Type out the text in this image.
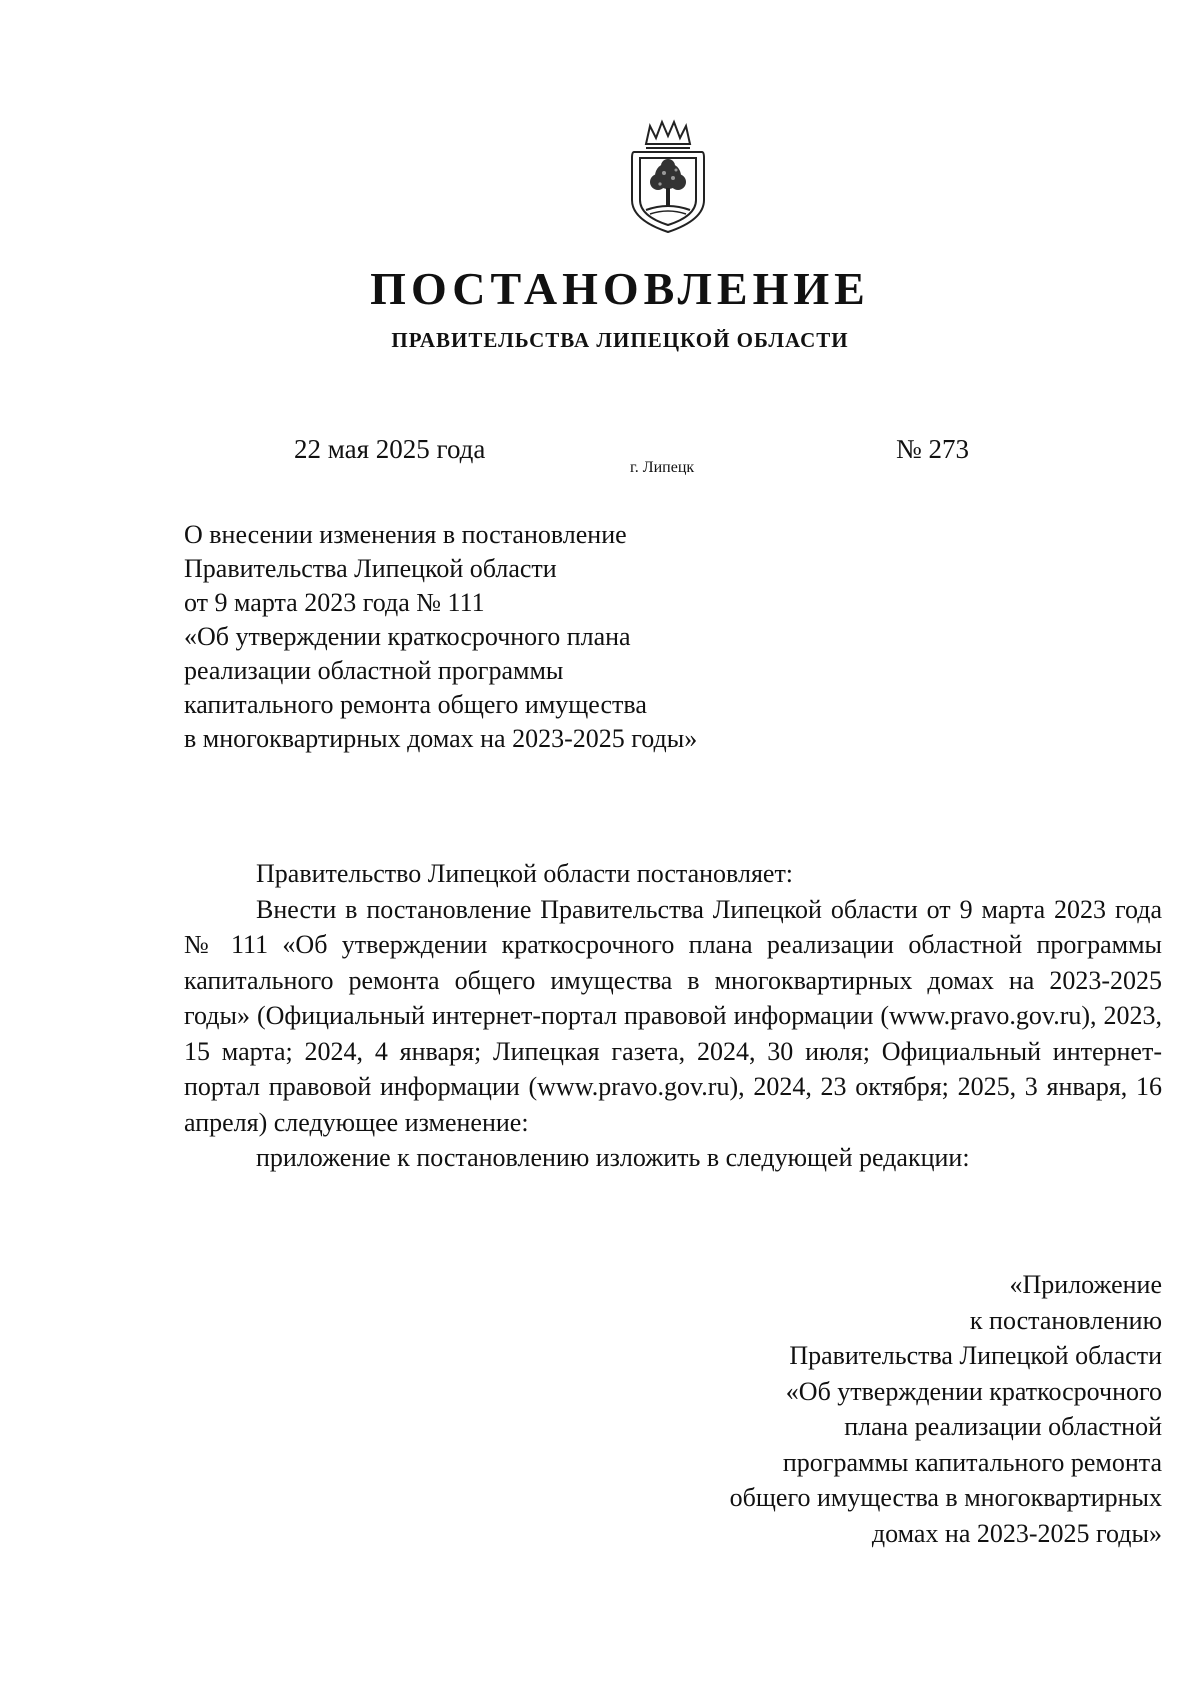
ПОСТАНОВЛЕНИЕ
ПРАВИТЕЛЬСТВА ЛИПЕЦКОЙ ОБЛАСТИ
22 мая 2025 года
г. Липецк
№ 273
О внесении изменения в постановление
Правительства Липецкой области
от 9 марта 2023 года № 111
«Об утверждении краткосрочного плана
реализации областной программы
капитального ремонта общего имущества
в многоквартирных домах на 2023-2025 годы»

Правительство Липецкой области постановляет:

Внести в постановление Правительства Липецкой области от 9 марта 2023 года № 111 «Об утверждении краткосрочного плана реализации областной программы капитального ремонта общего имущества в многоквартирных домах на 2023-2025 годы» (Официальный интернет-портал правовой информации (www.pravo.gov.ru), 2023, 15 марта; 2024, 4 января; Липецкая газета, 2024, 30 июля; Официальный интернет-портал правовой информации (www.pravo.gov.ru), 2024, 23 октября; 2025, 3 января, 16 апреля) следующее изменение:

приложение к постановлению изложить в следующей редакции:

«Приложение
к постановлению
Правительства Липецкой области
«Об утверждении краткосрочного
плана реализации областной
программы капитального ремонта
общего имущества в многоквартирных
домах на 2023-2025 годы»
